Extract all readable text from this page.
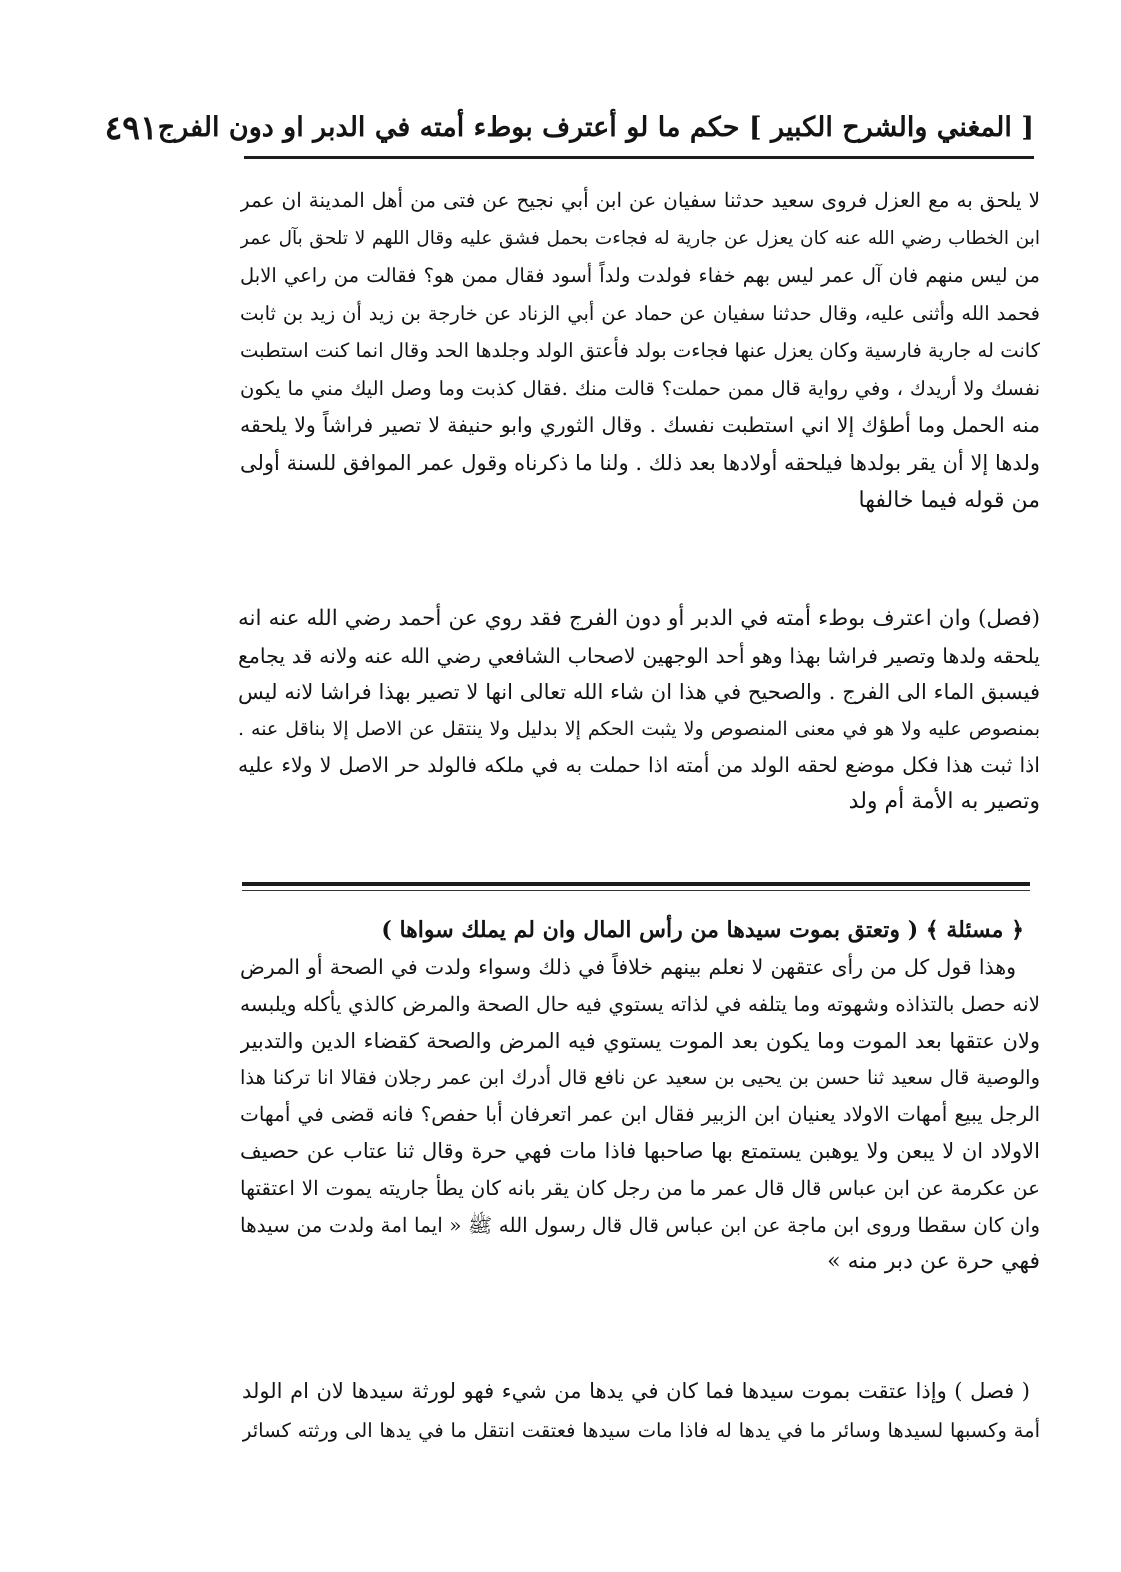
[ المغني والشرح الكبير ] حكم ما لو أعترف بوطء أمته في الدبر او دون الفرج
٤٩١
لا يلحق به مع العزل فروى سعيد حدثنا سفيان عن ابن أبي نجيح عن فتى من أهل المدينة ان عمر
ابن الخطاب رضي الله عنه كان يعزل عن جارية له فجاءت بحمل فشق عليه وقال اللهم لا تلحق بآل عمر
من ليس منهم فان آل عمر ليس بهم خفاء فولدت ولداً أسود فقال ممن هو؟ فقالت من راعي الابل
فحمد الله وأثنى عليه، وقال حدثنا سفيان عن حماد عن أبي الزناد عن خارجة بن زيد أن زيد بن ثابت
كانت له جارية فارسية وكان يعزل عنها فجاءت بولد فأعتق الولد وجلدها الحد وقال انما كنت استطبت
نفسك ولا أريدك ، وفي رواية قال ممن حملت؟ قالت منك .فقال كذبت وما وصل اليك مني ما يكون
منه الحمل وما أطؤك إلا اني استطبت نفسك . وقال الثوري وابو حنيفة لا تصير فراشاً ولا يلحقه
ولدها إلا أن يقر بولدها فيلحقه أولادها بعد ذلك . ولنا ما ذكرناه وقول عمر الموافق للسنة أولى
من قوله فيما خالفها
(فصل) وان اعترف بوطء أمته في الدبر أو دون الفرج فقد روي عن أحمد رضي الله عنه انه
يلحقه ولدها وتصير فراشا بهذا وهو أحد الوجهين لاصحاب الشافعي رضي الله عنه ولانه قد يجامع
فيسبق الماء الى الفرج . والصحيح في هذا ان شاء الله تعالى انها لا تصير بهذا فراشا لانه ليس
بمنصوص عليه ولا هو في معنى المنصوص ولا يثبت الحكم إلا بدليل ولا ينتقل عن الاصل إلا بناقل عنه .
اذا ثبت هذا فكل موضع لحقه الولد من أمته اذا حملت به في ملكه فالولد حر الاصل لا ولاء عليه
وتصير به الأمة أم ولد
﴿ مسئلة ﴾ ( وتعتق بموت سيدها من رأس المال وان لم يملك سواها )
وهذا قول كل من رأى عتقهن لا نعلم بينهم خلافاً في ذلك وسواء ولدت في الصحة أو المرض
لانه حصل بالتذاذه وشهوته وما يتلفه في لذاته يستوي فيه حال الصحة والمرض كالذي يأكله ويلبسه
ولان عتقها بعد الموت وما يكون بعد الموت يستوي فيه المرض والصحة كقضاء الدين والتدبير
والوصية قال سعيد ثنا حسن بن يحيى بن سعيد عن نافع قال أدرك ابن عمر رجلان فقالا انا تركنا هذا
الرجل يبيع أمهات الاولاد يعنيان ابن الزبير فقال ابن عمر اتعرفان أبا حفص؟ فانه قضى في أمهات
الاولاد ان لا يبعن ولا يوهبن يستمتع بها صاحبها فاذا مات فهي حرة وقال ثنا عتاب عن حصيف
عن عكرمة عن ابن عباس قال قال عمر ما من رجل كان يقر بانه كان يطأ جاريته يموت الا اعتقتها
وان كان سقطا وروى ابن ماجة عن ابن عباس قال قال رسول الله ﷺ « ايما امة ولدت من سيدها
فهي حرة عن دبر منه »
( فصل ) وإذا عتقت بموت سيدها فما كان في يدها من شيء فهو لورثة سيدها لان ام الولد
أمة وكسبها لسيدها وسائر ما في يدها له فاذا مات سيدها فعتقت انتقل ما في يدها الى ورثته كسائر
